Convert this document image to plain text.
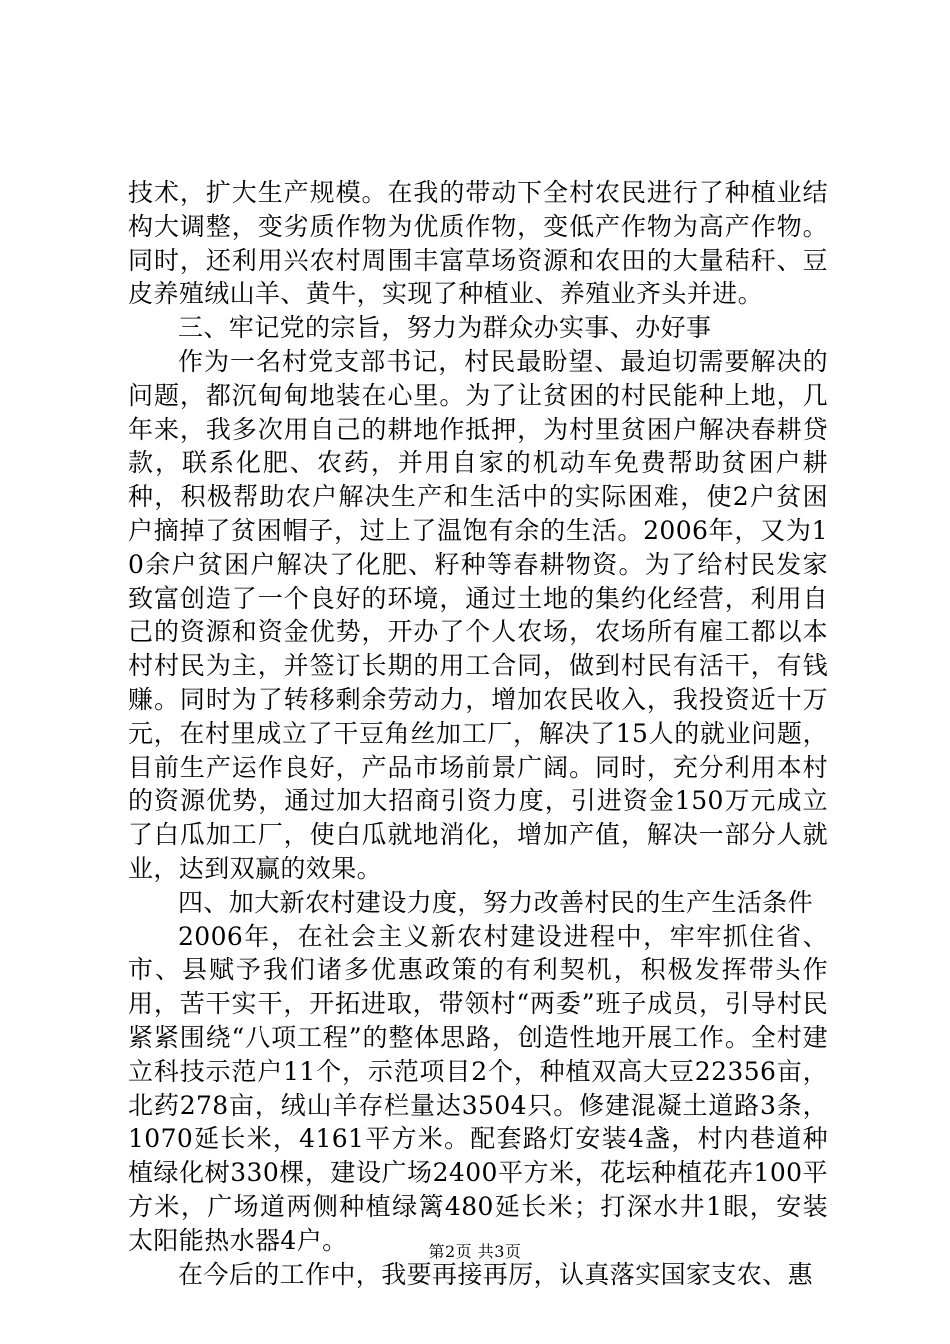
技术，扩大生产规模。在我的带动下全村农民进行了种植业结构大调整，变劣质作物为优质作物，变低产作物为高产作物。同时，还利用兴农村周围丰富草场资源和农田的大量秸秆、豆皮养殖绒山羊、黄牛，实现了种植业、养殖业齐头并进。

三、牢记党的宗旨，努力为群众办实事、办好事

作为一名村党支部书记，村民最盼望、最迫切需要解决的问题，都沉甸甸地装在心里。为了让贫困的村民能种上地，几年来，我多次用自己的耕地作抵押，为村里贫困户解决春耕贷款，联系化肥、农药，并用自家的机动车免费帮助贫困户耕种，积极帮助农户解决生产和生活中的实际困难，使2户贫困户摘掉了贫困帽子，过上了温饱有余的生活。2006年，又为10余户贫困户解决了化肥、籽种等春耕物资。为了给村民发家致富创造了一个良好的环境，通过土地的集约化经营，利用自己的资源和资金优势，开办了个人农场，农场所有雇工都以本村村民为主，并签订长期的用工合同，做到村民有活干，有钱赚。同时为了转移剩余劳动力，增加农民收入，我投资近十万元，在村里成立了干豆角丝加工厂，解决了15人的就业问题，目前生产运作良好，产品市场前景广阔。同时，充分利用本村的资源优势，通过加大招商引资力度，引进资金150万元成立了白瓜加工厂，使白瓜就地消化，增加产值，解决一部分人就业，达到双赢的效果。

四、加大新农村建设力度，努力改善村民的生产生活条件

2006年，在社会主义新农村建设进程中，牢牢抓住省、市、县赋予我们诸多优惠政策的有利契机，积极发挥带头作用，苦干实干，开拓进取，带领村“两委”班子成员，引导村民紧紧围绕“八项工程”的整体思路，创造性地开展工作。全村建立科技示范户11个，示范项目2个，种植双高大豆22356亩，北药278亩，绒山羊存栏量达3504只。修建混凝土道路3条，1070延长米，4161平方米。配套路灯安装4盏，村内巷道种植绿化树330棵，建设广场2400平方米，花坛种植花卉100平方米，广场道两侧种植绿篱480延长米；打深水井1眼，安装太阳能热水器4户。

在今后的工作中，我要再接再厉，认真落实国家支农、惠

第2页 共3页
